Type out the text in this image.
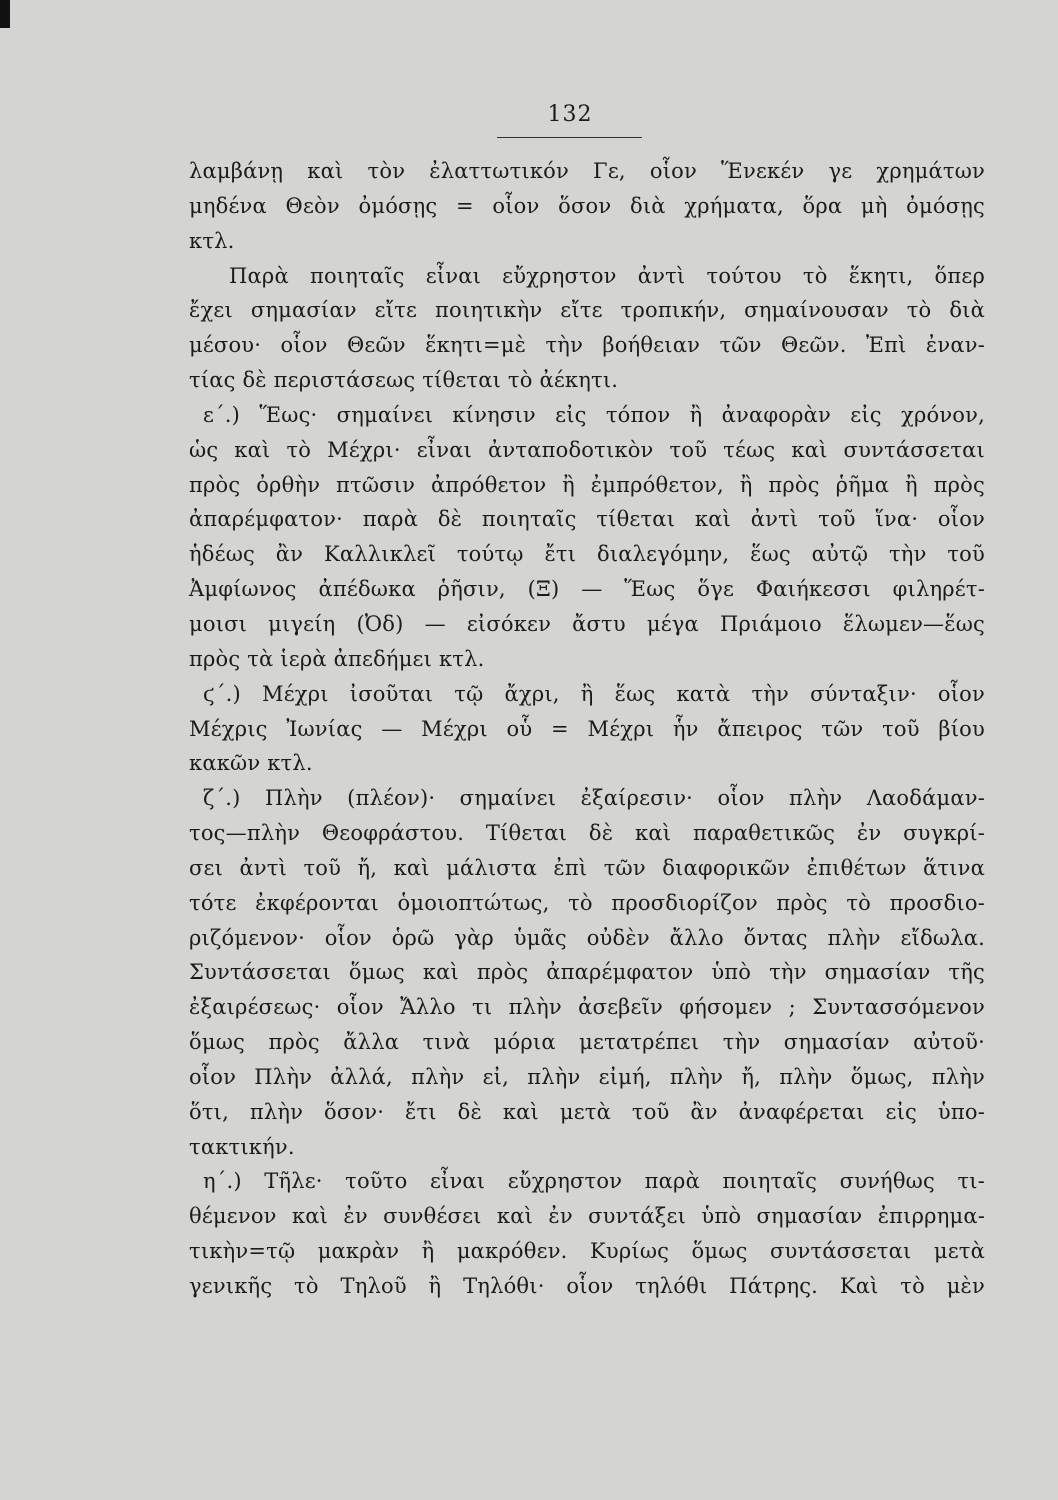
132
λαμβάνῃ καὶ τὸν ἐλαττωτικόν Γε, οἷον Ἕνεκέν γε χρημάτων
μηδένα Θεὸν ὀμόσῃς = οἷον ὅσον διὰ χρήματα, ὅρα μὴ ὀμόσῃς
κτλ.
Παρὰ ποιηταῖς εἶναι εὔχρηστον ἀντὶ τούτου τὸ ἕκητι, ὅπερ
ἔχει σημασίαν εἴτε ποιητικὴν εἴτε τροπικήν, σημαίνουσαν τὸ διὰ
μέσου· οἷον Θεῶν ἕκητι=μὲ τὴν βοήθειαν τῶν Θεῶν. Ἐπὶ ἐναν-
τίας δὲ περιστάσεως τίθεται τὸ ἀέκητι.
ε΄.) Ἕως· σημαίνει κίνησιν εἰς τόπον ἢ ἀναφορὰν εἰς χρόνον,
ὡς καὶ τὸ Μέχρι· εἶναι ἀνταποδοτικὸν τοῦ τέως καὶ συντάσσεται
πρὸς ὀρθὴν πτῶσιν ἀπρόθετον ἢ ἐμπρόθετον, ἢ πρὸς ῥῆμα ἢ πρὸς
ἀπαρέμφατον· παρὰ δὲ ποιηταῖς τίθεται καὶ ἀντὶ τοῦ ἵνα· οἷον
ἡδέως ἂν Καλλικλεῖ τούτῳ ἔτι διαλεγόμην, ἕως αὐτῷ τὴν τοῦ
Ἀμφίωνος ἀπέδωκα ῥῆσιν, (Ξ) — Ἕως ὅγε Φαιήκεσσι φιληρέτ-
μοισι μιγείη (Ὀδ) — εἰσόκεν ἄστυ μέγα Πριάμοιο ἕλωμεν—ἕως
πρὸς τὰ ἱερὰ ἀπεδήμει κτλ.
ϛ΄.) Μέχρι ἰσοῦται τῷ ἄχρι, ἢ ἕως κατὰ τὴν σύνταξιν· οἷον
Μέχρις Ἰωνίας — Μέχρι οὗ = Μέχρι ἧν ἄπειρος τῶν τοῦ βίου
κακῶν κτλ.
ζ΄.) Πλὴν (πλέον)· σημαίνει ἐξαίρεσιν· οἷον πλὴν Λαοδάμαν-
τος—πλὴν Θεοφράστου. Τίθεται δὲ καὶ παραθετικῶς ἐν συγκρί-
σει ἀντὶ τοῦ ἤ, καὶ μάλιστα ἐπὶ τῶν διαφορικῶν ἐπιθέτων ἅτινα
τότε ἐκφέρονται ὁμοιοπτώτως, τὸ προσδιορίζον πρὸς τὸ προσδιο-
ριζόμενον· οἷον ὁρῶ γὰρ ὑμᾶς οὐδὲν ἄλλο ὄντας πλὴν εἴδωλα.
Συντάσσεται ὅμως καὶ πρὸς ἀπαρέμφατον ὑπὸ τὴν σημασίαν τῆς
ἐξαιρέσεως· οἷον Ἄλλο τι πλὴν ἀσεβεῖν φήσομεν ; Συντασσόμενον
ὅμως πρὸς ἄλλα τινὰ μόρια μετατρέπει τὴν σημασίαν αὐτοῦ·
οἷον Πλὴν ἀλλά, πλὴν εἰ, πλὴν εἰμή, πλὴν ἤ, πλὴν ὅμως, πλὴν
ὅτι, πλὴν ὅσον· ἔτι δὲ καὶ μετὰ τοῦ ἂν ἀναφέρεται εἰς ὑπο-
τακτικήν.
η΄.) Τῆλε· τοῦτο εἶναι εὔχρηστον παρὰ ποιηταῖς συνήθως τι-
θέμενον καὶ ἐν συνθέσει καὶ ἐν συντάξει ὑπὸ σημασίαν ἐπιρρημα-
τικὴν=τῷ μακρὰν ἢ μακρόθεν. Κυρίως ὅμως συντάσσεται μετὰ
γενικῆς τὸ Τηλοῦ ἢ Τηλόθι· οἷον τηλόθι Πάτρης. Καὶ τὸ μὲν
